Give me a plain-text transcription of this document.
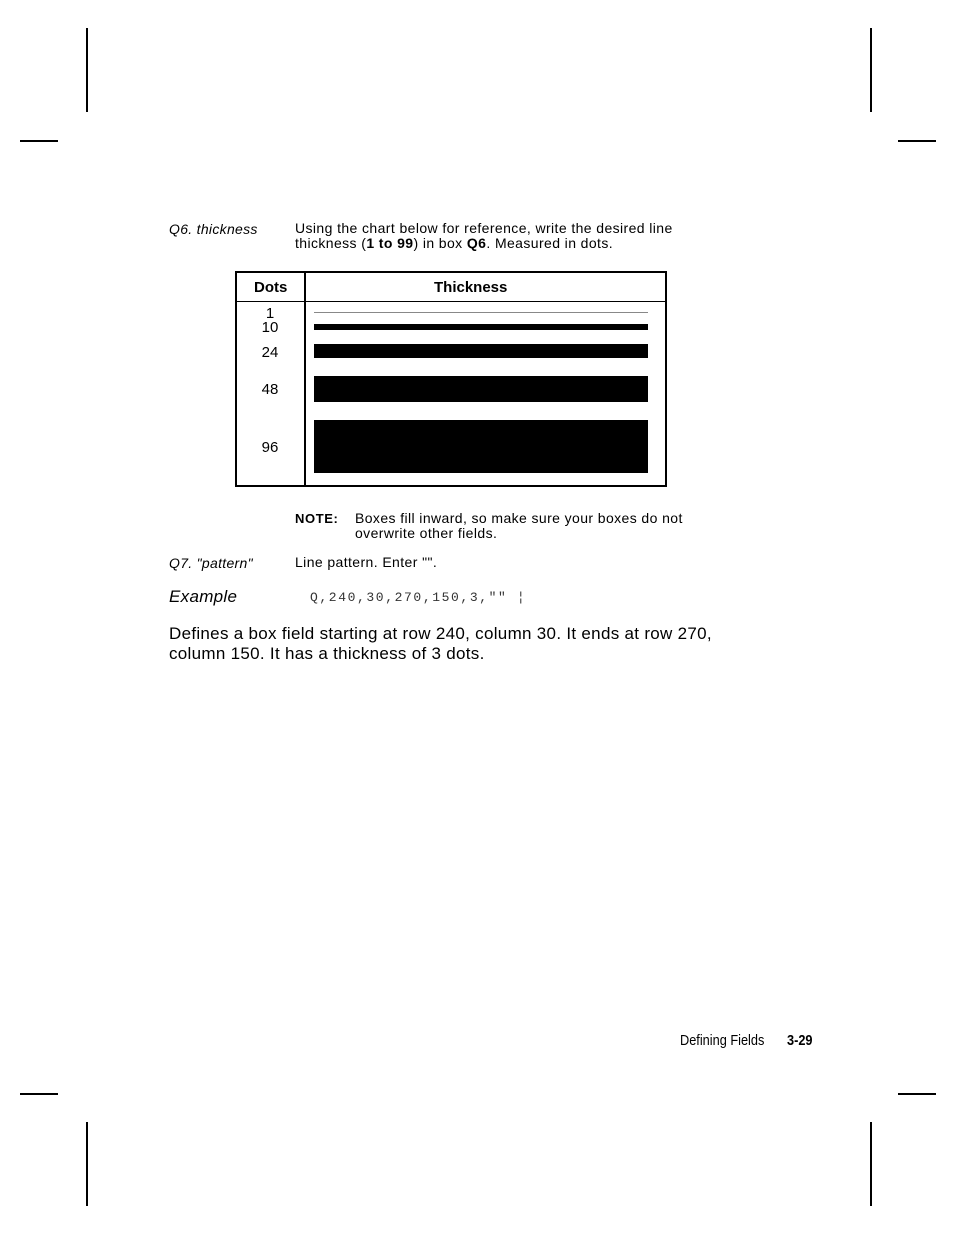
Q6. thickness	Using the chart below for reference, write the desired line
thickness (1 to 99) in box Q6. Measured in dots.
Dots	Thickness
1
10
24
48
96
NOTE: Boxes fill inward, so make sure your boxes do not overwrite other fields.
Q7. "pattern"	Line pattern. Enter "".
Example	Q,240,30,270,150,3,"" ¦
Defines a box field starting at row 240, column 30. It ends at row 270, column 150. It has a thickness of 3 dots.
Defining Fields 3-29
